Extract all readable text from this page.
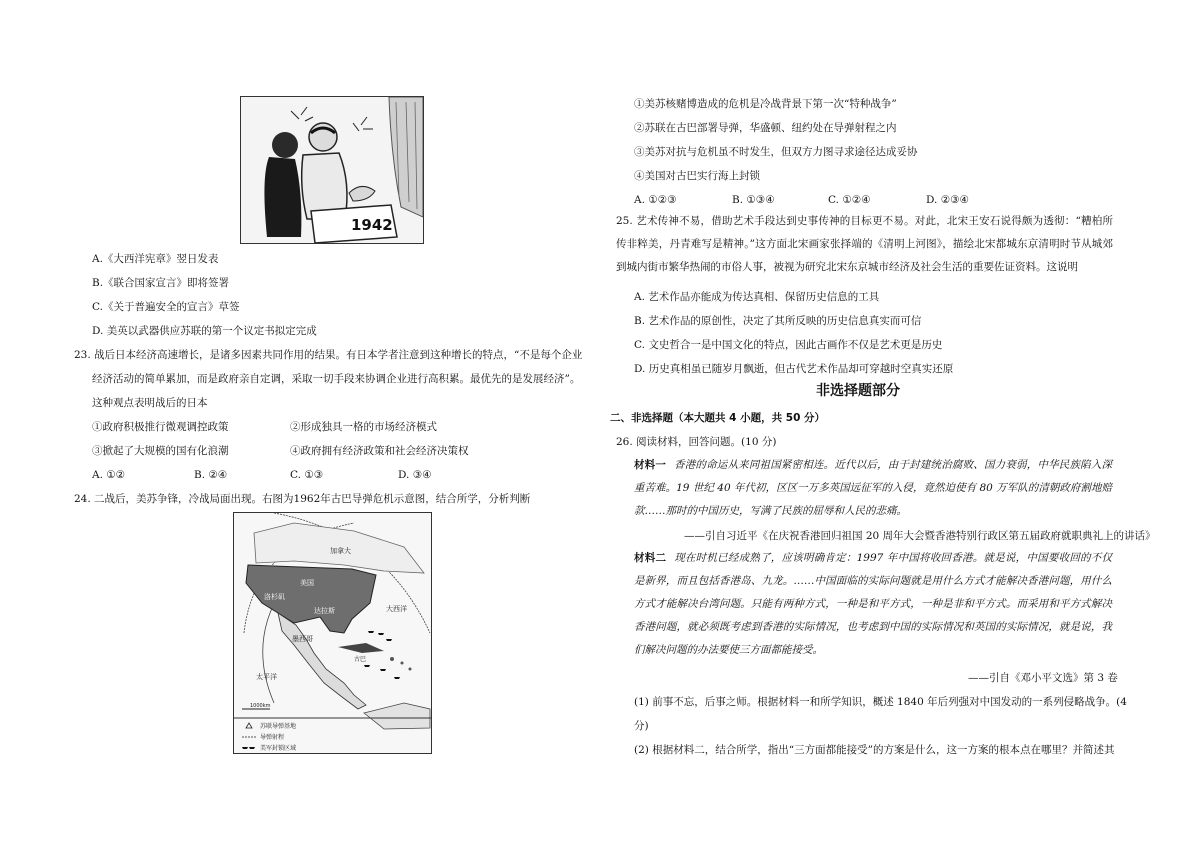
1942
A.《大西洋宪章》翌日发表
B.《联合国家宣言》即将签署
C.《关于普遍安全的宣言》草签
D. 美英以武器供应苏联的第一个议定书拟定完成
23. 战后日本经济高速增长，是诸多因素共同作用的结果。有日本学者注意到这种增长的特点，“不是每个企业
经济活动的简单累加，而是政府亲自定调，采取一切手段来协调企业进行高积累。最优先的是发展经济”。
这种观点表明战后的日本
①政府积极推行微观调控政策	②形成独具一格的市场经济模式
③掀起了大规模的国有化浪潮	④政府拥有经济政策和社会经济决策权
A. ①②	B. ②④	C. ①③	D. ③④
24. 二战后，美苏争锋，冷战局面出现。右图为1962年古巴导弹危机示意图，结合所学，分析判断
加拿大
美国
洛杉矶
达拉斯	大西洋
墨西哥
太平洋
古巴
1000km
苏联导弹基地
导弹射程
美军封锁区域
①美苏核赌博造成的危机是冷战背景下第一次“特种战争”
②苏联在古巴部署导弹，华盛顿、纽约处在导弹射程之内
③美苏对抗与危机虽不时发生，但双方力图寻求途径达成妥协
④美国对古巴实行海上封锁
A. ①②③	B. ①③④	C. ①②④	D. ②③④
25. 艺术传神不易，借助艺术手段达到史事传神的目标更不易。对此，北宋王安石说得颇为透彻：“糟柏所传非粹美，丹青难写是精神。”这方面北宋画家张择端的《清明上河图》，描绘北宋都城东京清明时节从城郊到城内街市繁华热闹的市俗人事，被视为研究北宋东京城市经济及社会生活的重要佐证资料。这说明
A. 艺术作品亦能成为传达真相、保留历史信息的工具
B. 艺术作品的原创性，决定了其所反映的历史信息真实而可信
C. 文史哲合一是中国文化的特点，因此古画作不仅是艺术更是历史
D. 历史真相虽已随岁月飘逝，但古代艺术作品却可穿越时空真实还原
非选择题部分
二、非选择题（本大题共 4 小题，共 50 分）
26. 阅读材料，回答问题。(10 分)
材料一 香港的命运从来同祖国紧密相连。近代以后，由于封建统治腐败、国力衰弱，中华民族陷入深重苦难。19 世纪 40 年代初，区区一万多英国远征军的入侵，竟然迫使有 80 万军队的清朝政府割地赔款……那时的中国历史，写满了民族的屈辱和人民的悲痛。
——引自习近平《在庆祝香港回归祖国 20 周年大会暨香港特别行政区第五届政府就职典礼上的讲话》
材料二 现在时机已经成熟了，应该明确肯定：1997 年中国将收回香港。就是说，中国要收回的不仅是新界，而且包括香港岛、九龙。……中国面临的实际问题就是用什么方式才能解决香港问题，用什么方式才能解决台湾问题。只能有两种方式，一种是和平方式，一种是非和平方式。而采用和平方式解决香港问题，就必须既考虑到香港的实际情况，也考虑到中国的实际情况和英国的实际情况，就是说，我们解决问题的办法要使三方面都能接受。
——引自《邓小平文选》第 3 卷
(1) 前事不忘，后事之师。根据材料一和所学知识，概述 1840 年后列强对中国发动的一系列侵略战争。(4
分)
(2) 根据材料二，结合所学，指出“三方面都能接受”的方案是什么，这一方案的根本点在哪里？并简述其
